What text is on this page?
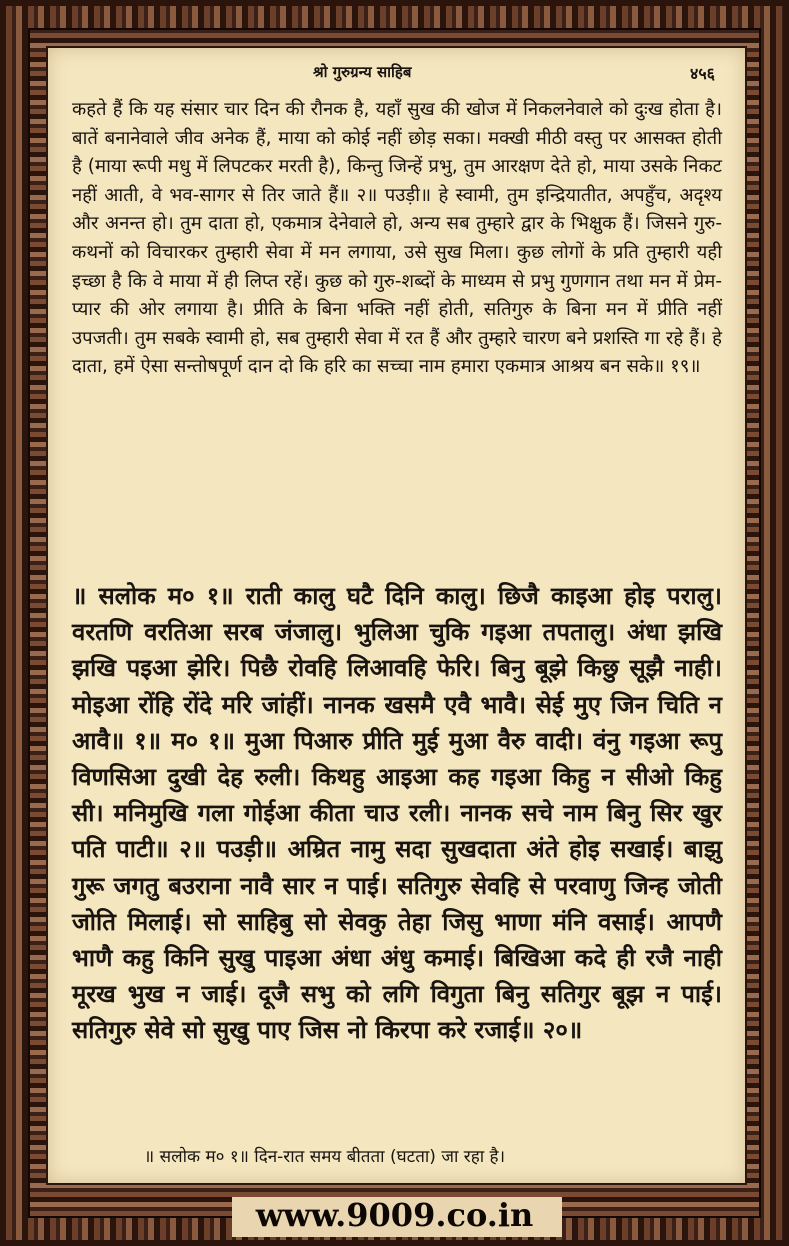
श्रो गुरुग्रन्य साहिब	४५६
कहते हैं कि यह संसार चार दिन की रौनक है, यहाँ सुख की खोज में निकलनेवाले को दुःख होता है। बातें बनानेवाले जीव अनेक हैं, माया को कोई नहीं छोड़ सका। मक्खी मीठी वस्तु पर आसक्त होती है (माया रूपी मधु में लिपटकर मरती है), किन्तु जिन्हें प्रभु, तुम आरक्षण देते हो, माया उसके निकट नहीं आती, वे भव-सागर से तिर जाते हैं॥ २॥ पउड़ी॥ हे स्वामी, तुम इन्द्रियातीत, अपहुँच, अदृश्य और अनन्त हो। तुम दाता हो, एकमात्र देनेवाले हो, अन्य सब तुम्हारे द्वार के भिक्षुक हैं। जिसने गुरु-कथनों को विचारकर तुम्हारी सेवा में मन लगाया, उसे सुख मिला। कुछ लोगों के प्रति तुम्हारी यही इच्छा है कि वे माया में ही लिप्त रहें। कुछ को गुरु-शब्दों के माध्यम से प्रभु गुणगान तथा मन में प्रेम-प्यार की ओर लगाया है। प्रीति के बिना भक्ति नहीं होती, सतिगुरु के बिना मन में प्रीति नहीं उपजती। तुम सबके स्वामी हो, सब तुम्हारी सेवा में रत हैं और तुम्हारे चारण बने प्रशस्ति गा रहे हैं। हे दाता, हमें ऐसा सन्तोषपूर्ण दान दो कि हरि का सच्चा नाम हमारा एकमात्र आश्रय बन सके॥ १९॥
॥ सलोक म० १॥ राती कालु घटै दिनि कालु। छिजै काइआ होइ परालु। वरतणि वरतिआ सरब जंजालु। भुलिआ चुकि गइआ तपतालु। अंधा झखि झखि पइआ झेरि। पिछै रोवहि लिआवहि फेरि। बिनु बूझे किछु सूझै नाही। मोइआ रोंहि रोंदे मरि जांहीं। नानक खसमै एवै भावै। सेई मुए जिन चिति न आवै॥ १॥ म० १॥ मुआ पिआरु प्रीति मुई मुआ वैरु वादी। वंनु गइआ रूपु विणसिआ दुखी देह रुली। किथहु आइआ कह गइआ किहु न सीओ किहु सी। मनिमुखि गला गोईआ कीता चाउ रली। नानक सचे नाम बिनु सिर खुर पति पाटी॥ २॥ पउड़ी॥ अम्रित नामु सदा सुखदाता अंते होइ सखाई। बाझु गुरू जगतु बउराना नावै सार न पाई। सतिगुरु सेवहि से परवाणु जिन्ह जोती जोति मिलाई। सो साहिबु सो सेवकु तेहा जिसु भाणा मंनि वसाई। आपणै भाणै कहु किनि सुखु पाइआ अंधा अंधु कमाई। बिखिआ कदे ही रजै नाही मूरख भुख न जाई। दूजै सभु को लगि विगुता बिनु सतिगुर बूझ न पाई। सतिगुरु सेवे सो सुखु पाए जिस नो किरपा करे रजाई॥ २०॥
॥ सलोक म० १॥ दिन-रात समय बीतता (घटता) जा रहा है।
www.9009.co.in
